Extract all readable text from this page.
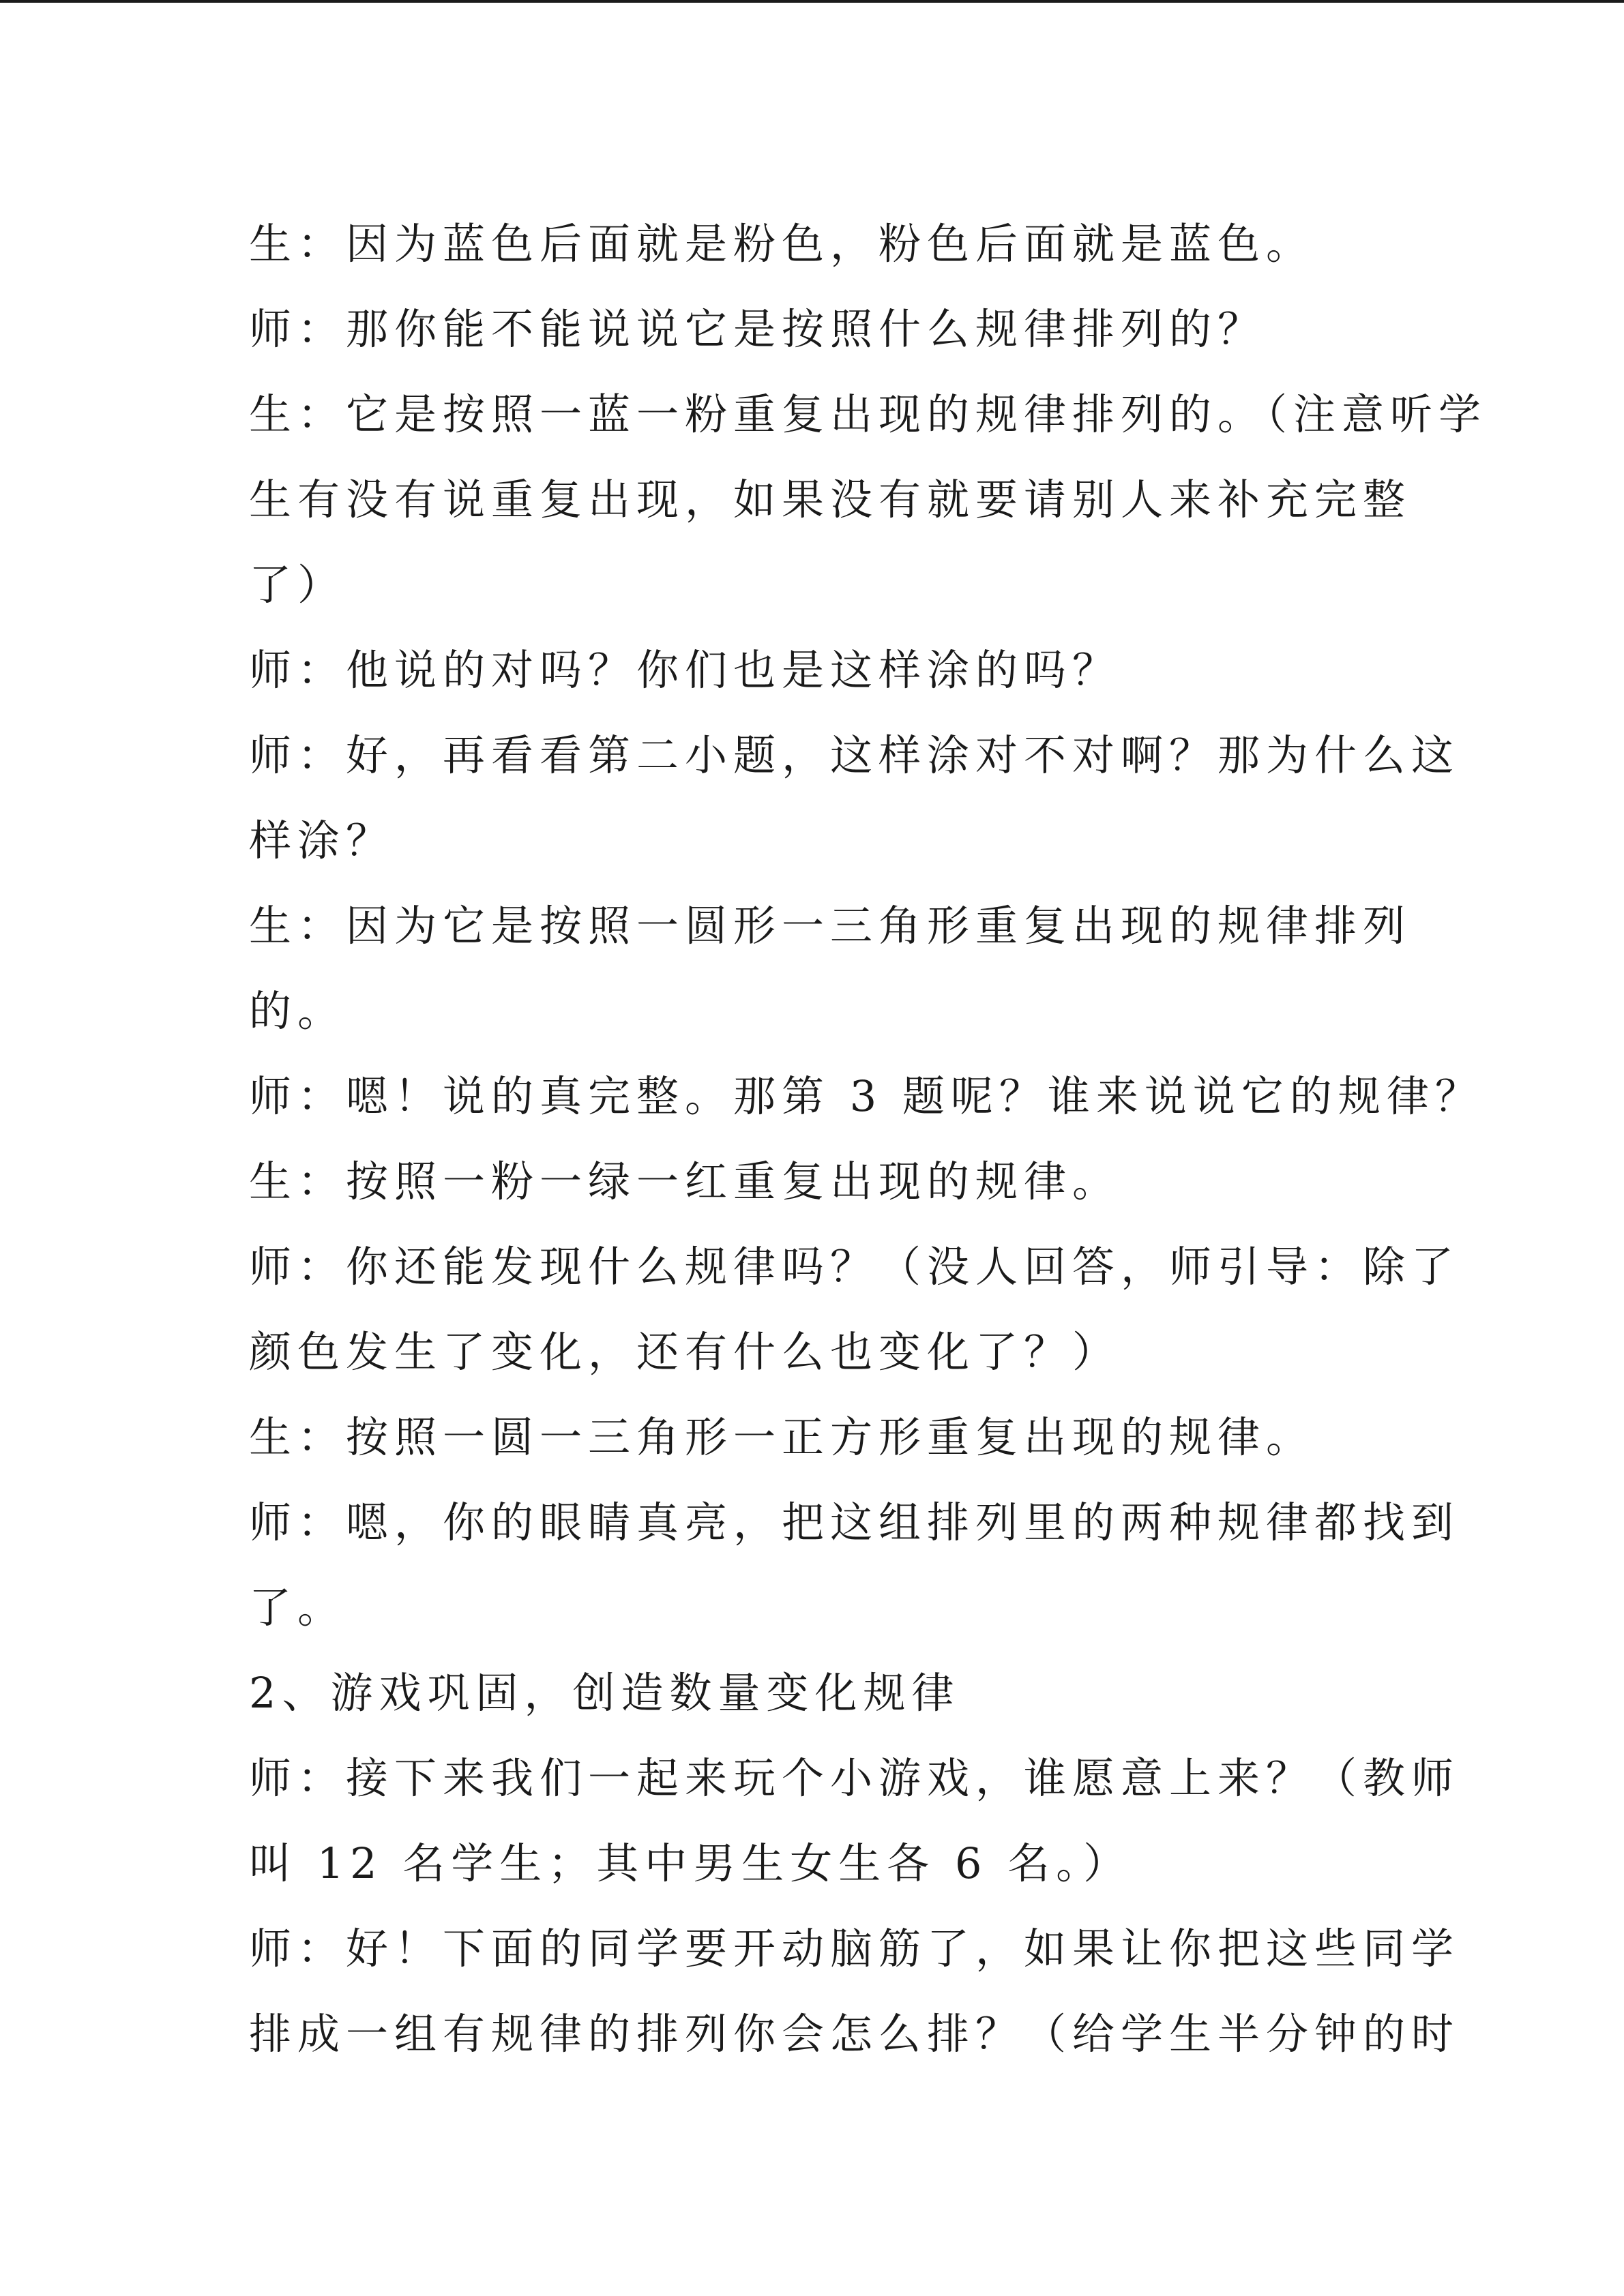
生：因为蓝色后面就是粉色，粉色后面就是蓝色。
师：那你能不能说说它是按照什么规律排列的？
生：它是按照一蓝一粉重复出现的规律排列的。（注意听学
生有没有说重复出现，如果没有就要请别人来补充完整
了）
师：他说的对吗？你们也是这样涂的吗？
师：好，再看看第二小题，这样涂对不对啊？那为什么这
样涂？
生：因为它是按照一圆形一三角形重复出现的规律排列
的。
师：嗯！说的真完整。那第 3 题呢？谁来说说它的规律？
生：按照一粉一绿一红重复出现的规律。
师：你还能发现什么规律吗？（没人回答，师引导：除了
颜色发生了变化，还有什么也变化了？）
生：按照一圆一三角形一正方形重复出现的规律。
师：嗯，你的眼睛真亮，把这组排列里的两种规律都找到
了。
2、游戏巩固，创造数量变化规律
师：接下来我们一起来玩个小游戏，谁愿意上来？（教师
叫 12 名学生；其中男生女生各 6 名。）
师：好！下面的同学要开动脑筋了，如果让你把这些同学
排成一组有规律的排列你会怎么排？（给学生半分钟的时
